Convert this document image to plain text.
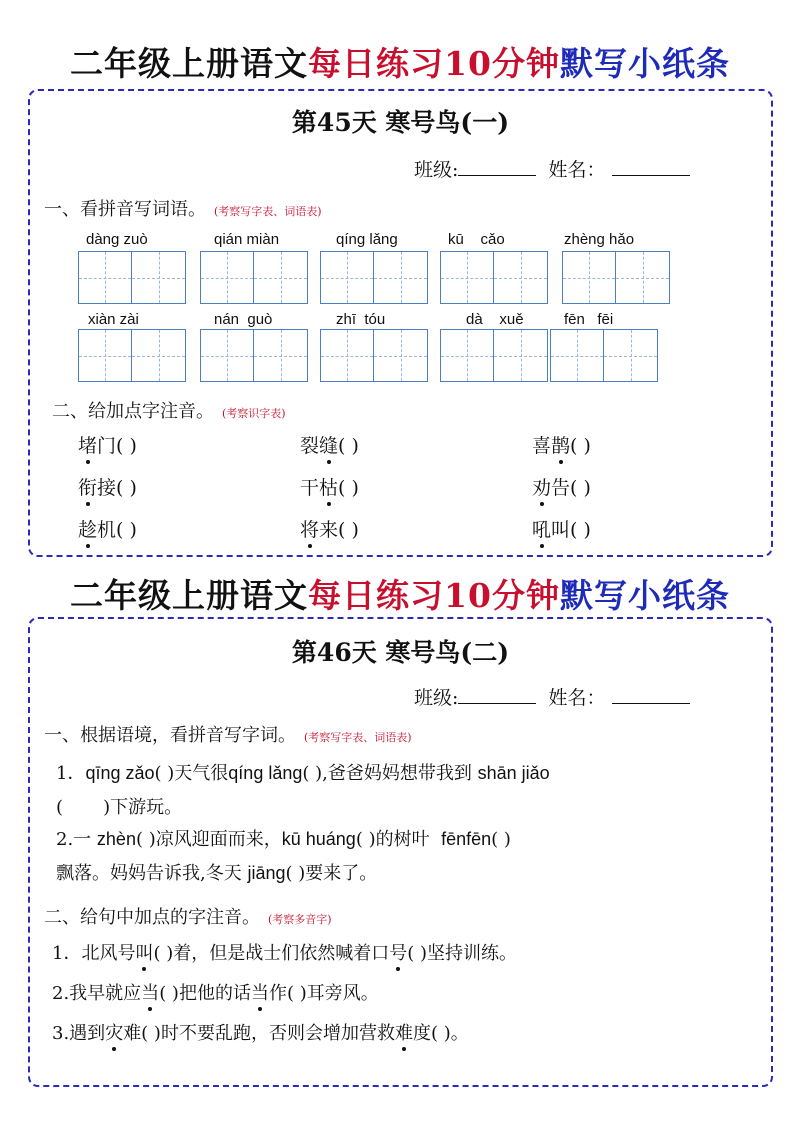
二年级上册语文每日练习10分钟默写小纸条
第45天 寒号鸟(一)
班级:	姓名：
一、看拼音写词语。 (考察写字表、词语表)
dàng zuò	qián miàn	qíng lǎng	kū    cǎo	zhèng hǎo
xiàn zài	nán  guò	zhī  tóu	dà    xuě	fēn   fēi
二、给加点字注音。 (考察识字表)
堵门( )	裂缝( )	喜鹊( )
衔接( )	干枯( )	劝告( )
趁机( )	将来( )	吼叫( )
二年级上册语文每日练习10分钟默写小纸条
第46天 寒号鸟(二)
班级:	姓名：
一、根据语境，看拼音写字词。 (考察写字表、词语表)
1．qīng zǎo( )天气很qíng lǎng( ),爸爸妈妈想带我到 shān jiǎo
(       )下游玩。
2.一 zhèn( )凉风迎面而来，kū huáng( )的树叶 fēnfēn( )
飘落。妈妈告诉我,冬天 jiāng( )要来了。
二、给句中加点的字注音。 (考察多音字)
1．北风号叫( )着，但是战士们依然喊着口号( )坚持训练。
2.我早就应当( )把他的话当作( )耳旁风。
3.遇到灾难( )时不要乱跑，否则会增加营救难度( )。
